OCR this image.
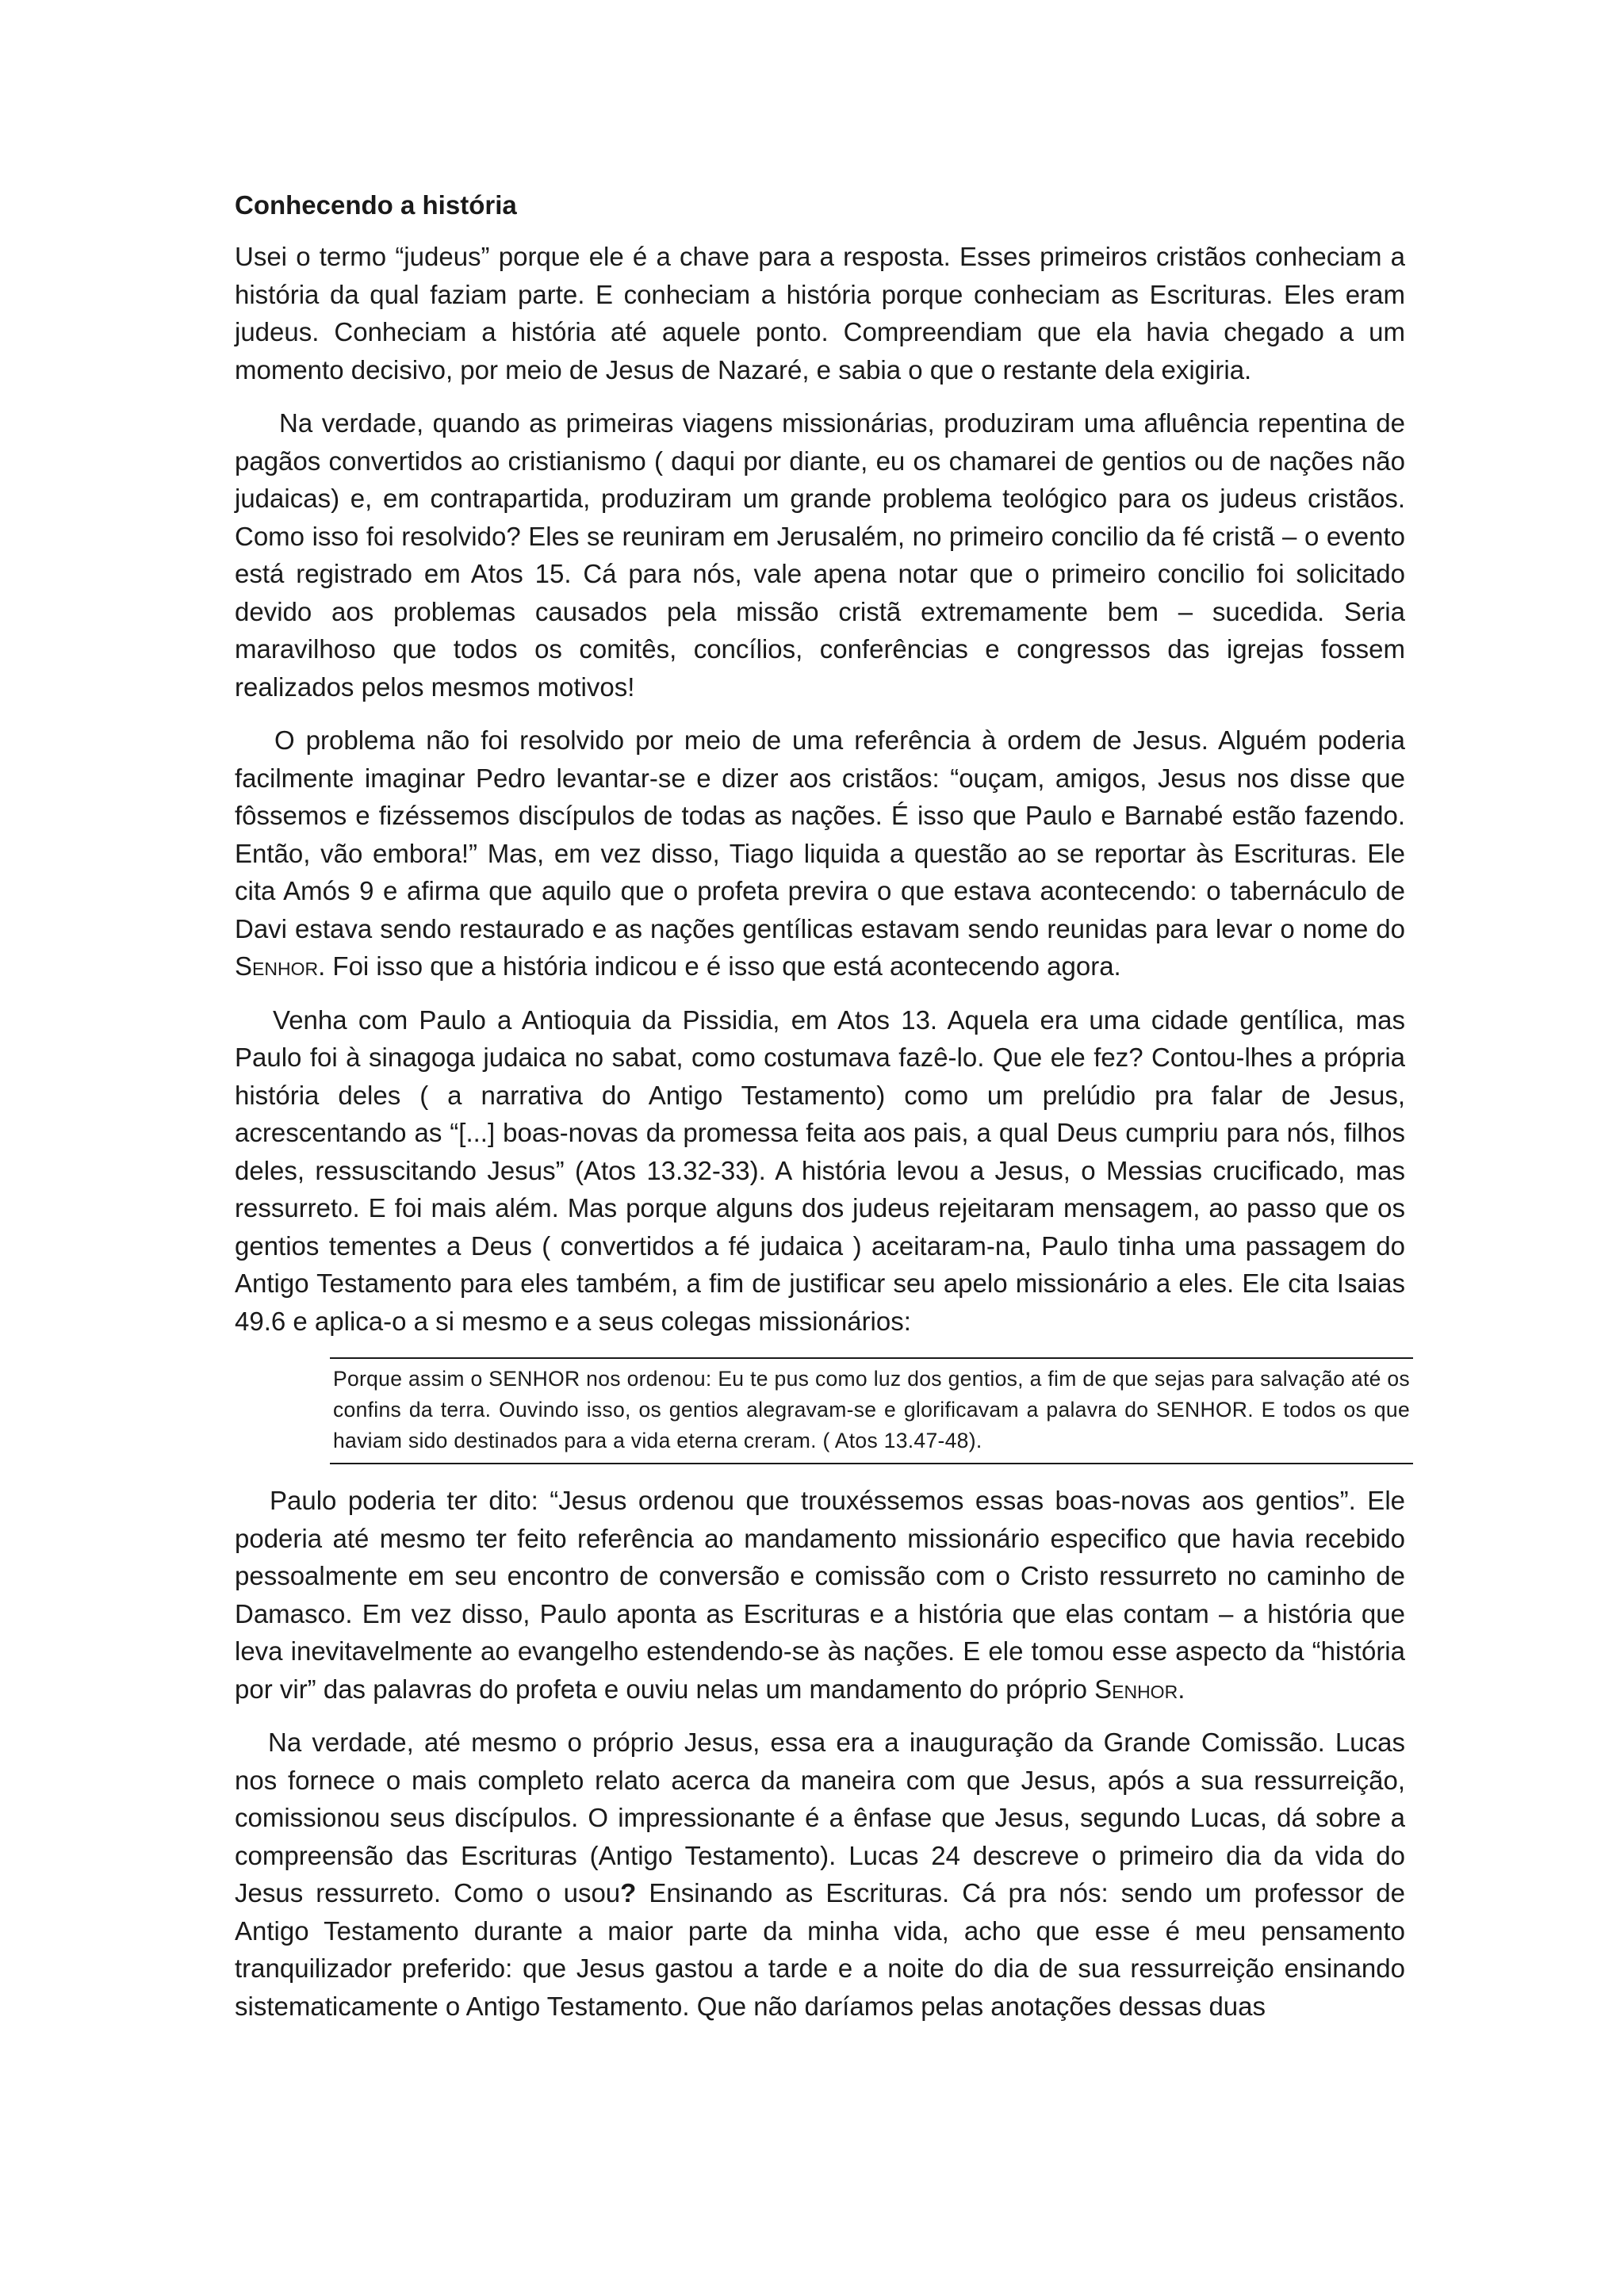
Conhecendo a história

Usei o termo “judeus” porque ele é a chave para a resposta. Esses primeiros cristãos conheciam a história da qual faziam parte. E conheciam a história porque conheciam as Escrituras. Eles eram judeus. Conheciam a história até aquele ponto. Compreendiam que ela havia chegado a um momento decisivo, por meio de Jesus de Nazaré, e sabia o que o restante dela exigiria.

Na verdade, quando as primeiras viagens missionárias, produziram uma afluência repentina de pagãos convertidos ao cristianismo ( daqui por diante, eu os chamarei de gentios ou de nações não judaicas) e, em contrapartida, produziram um grande problema teológico para os judeus cristãos. Como isso foi resolvido? Eles se reuniram em Jerusalém, no primeiro concilio da fé cristã – o evento está registrado em Atos 15. Cá para nós, vale apena notar que o primeiro concilio foi solicitado devido aos problemas causados pela missão cristã extremamente bem – sucedida. Seria maravilhoso que todos os comitês, concílios, conferências e congressos das igrejas fossem realizados pelos mesmos motivos!

O problema não foi resolvido por meio de uma referência à ordem de Jesus. Alguém poderia facilmente imaginar Pedro levantar-se e dizer aos cristãos: “ouçam, amigos, Jesus nos disse que fôssemos e fizéssemos discípulos de todas as nações. É isso que Paulo e Barnabé estão fazendo. Então, vão embora!” Mas, em vez disso, Tiago liquida a questão ao se reportar às Escrituras. Ele cita Amós 9 e afirma que aquilo que o profeta previra o que estava acontecendo: o tabernáculo de Davi estava sendo restaurado e as nações gentílicas estavam sendo reunidas para levar o nome do Senhor. Foi isso que a história indicou e é isso que está acontecendo agora.

Venha com Paulo a Antioquia da Pissidia, em Atos 13. Aquela era uma cidade gentílica, mas Paulo foi à sinagoga judaica no sabat, como costumava fazê-lo. Que ele fez? Contou-lhes a própria história deles ( a narrativa do Antigo Testamento) como um prelúdio pra falar de Jesus, acrescentando as “[...] boas-novas da promessa feita aos pais, a qual Deus cumpriu para nós, filhos deles, ressuscitando Jesus” (Atos 13.32-33). A história levou a Jesus, o Messias crucificado, mas ressurreto. E foi mais além. Mas porque alguns dos judeus rejeitaram mensagem, ao passo que os gentios tementes a Deus ( convertidos a fé judaica ) aceitaram-na, Paulo tinha uma passagem do Antigo Testamento para eles também, a fim de justificar seu apelo missionário a eles. Ele cita Isaias 49.6 e aplica-o a si mesmo e a seus colegas missionários:

Porque assim o SENHOR nos ordenou: Eu te pus como luz dos gentios, a fim de que sejas para salvação até os confins da terra. Ouvindo isso, os gentios alegravam-se e glorificavam a palavra do SENHOR. E todos os que haviam sido destinados para a vida eterna creram. ( Atos 13.47-48).

Paulo poderia ter dito: “Jesus ordenou que trouxéssemos essas boas-novas aos gentios”. Ele poderia até mesmo ter feito referência ao mandamento missionário especifico que havia recebido pessoalmente em seu encontro de conversão e comissão com o Cristo ressurreto no caminho de Damasco. Em vez disso, Paulo aponta as Escrituras e a história que elas contam – a história que leva inevitavelmente ao evangelho estendendo-se às nações. E ele tomou esse aspecto da “história por vir” das palavras do profeta e ouviu nelas um mandamento do próprio Senhor.

Na verdade, até mesmo o próprio Jesus, essa era a inauguração da Grande Comissão. Lucas nos fornece o mais completo relato acerca da maneira com que Jesus, após a sua ressurreição, comissionou seus discípulos. O impressionante é a ênfase que Jesus, segundo Lucas, dá sobre a compreensão das Escrituras (Antigo Testamento). Lucas 24 descreve o primeiro dia da vida do Jesus ressurreto. Como o usou? Ensinando as Escrituras. Cá pra nós: sendo um professor de Antigo Testamento durante a maior parte da minha vida, acho que esse é meu pensamento tranquilizador preferido: que Jesus gastou a tarde e a noite do dia de sua ressurreição ensinando sistematicamente o Antigo Testamento. Que não daríamos pelas anotações dessas duas
